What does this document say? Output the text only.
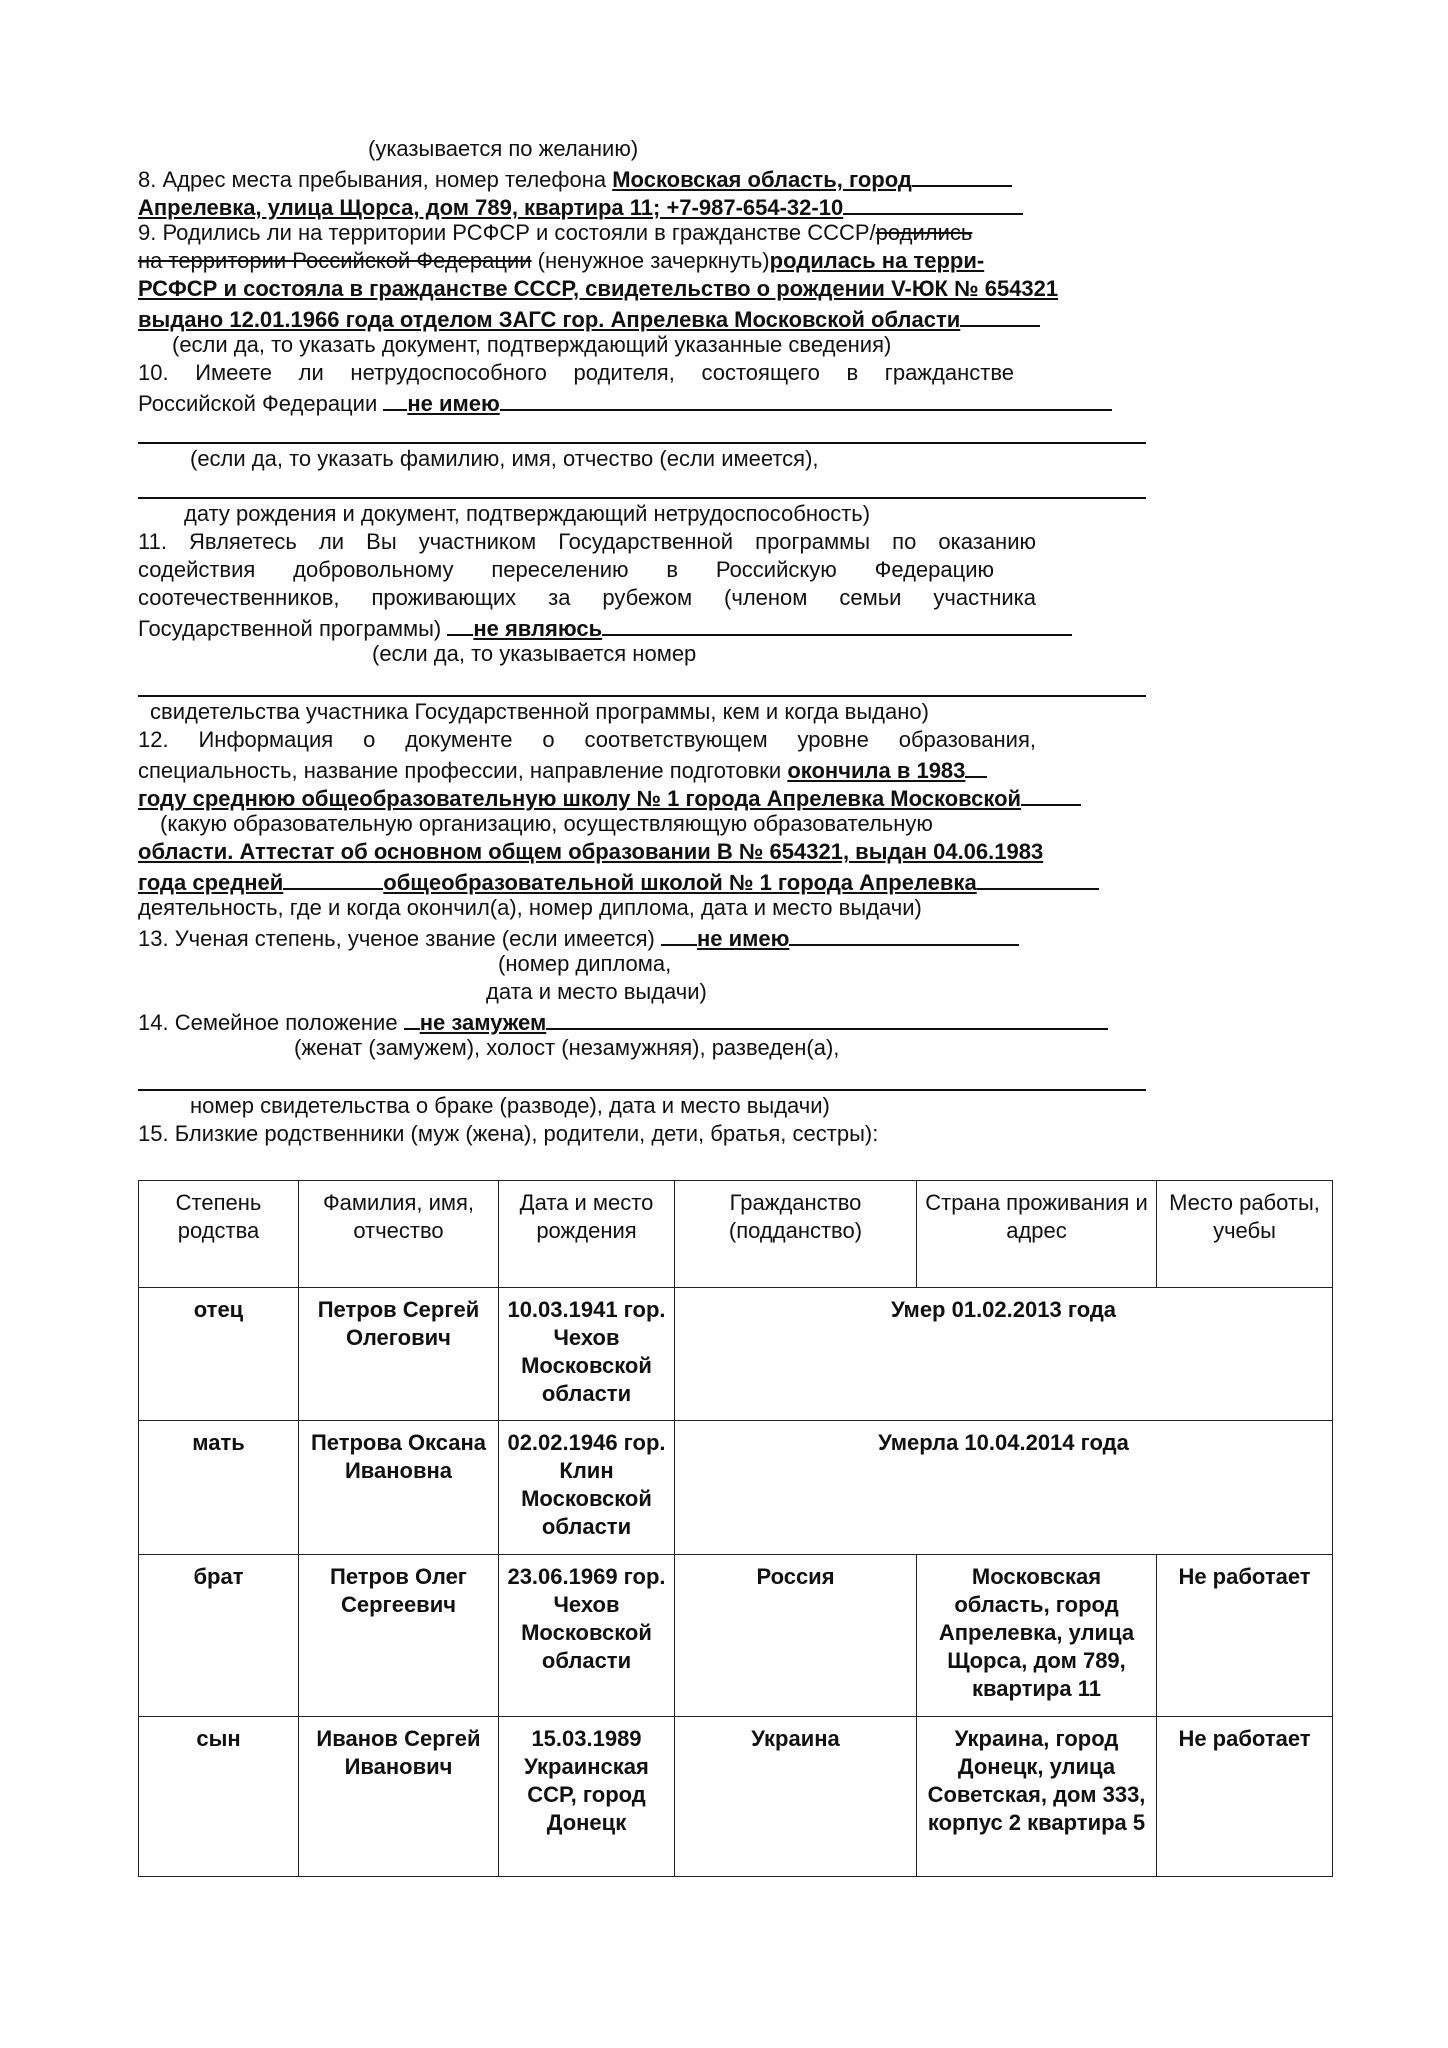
(указывается по желанию)
8. Адрес места пребывания, номер телефона Московская область, город
Апрелевка, улица Щорса, дом 789, квартира 11; +7-987-654-32-10
9. Родились ли на территории РСФСР и состояли в гражданстве СССР/родились
на территории Российской Федерации (ненужное зачеркнуть)родилась на терри-
РСФСР и состояла в гражданстве СССР, свидетельство о рождении V-ЮК № 654321
выдано 12.01.1966 года отделом ЗАГС гор. Апрелевка Московской области
(если да, то указать документ, подтверждающий указанные сведения)
10. Имеете ли нетрудоспособного родителя, состоящего в гражданстве
Российской Федерации не имею
(если да, то указать фамилию, имя, отчество (если имеется),
дату рождения и документ, подтверждающий нетрудоспособность)
11. Являетесь ли Вы участником Государственной программы по оказанию
содействия добровольному переселению в Российскую Федерацию
соотечественников, проживающих за рубежом (членом семьи участника
Государственной программы) не являюсь
(если да, то указывается номер
свидетельства участника Государственной программы, кем и когда выдано)
12. Информация о документе о соответствующем уровне образования,
специальность, название профессии, направление подготовки окончила в 1983
году среднюю общеобразовательную школу № 1 города Апрелевка Московской
(какую образовательную организацию, осуществляющую образовательную
области. Аттестат об основном общем образовании В № 654321, выдан 04.06.1983
года средней	общеобразовательной школой № 1 города Апрелевка
деятельность, где и когда окончил(а), номер диплома, дата и место выдачи)
13. Ученая степень, ученое звание (если имеется) не имею
(номер диплома,
дата и место выдачи)
14. Семейное положение не замужем
(женат (замужем), холост (незамужняя), разведен(а),
номер свидетельства о браке (разводе), дата и место выдачи)
15. Близкие родственники (муж (жена), родители, дети, братья, сестры):
Степень родства	Фамилия, имя, отчество	Дата и место рождения	Гражданство (подданство)	Страна проживания и адрес	Место работы, учебы
отец	Петров Сергей Олегович	10.03.1941 гор. Чехов Московской области	Умер 01.02.2013 года		
мать	Петрова Оксана Ивановна	02.02.1946 гор. Клин Московской области	Умерла 10.04.2014 года		
брат	Петров Олег Сергеевич	23.06.1969 гор. Чехов Московской области	Россия	Московская область, город Апрелевка, улица Щорса, дом 789, квартира 11	Не работает
сын	Иванов Сергей Иванович	15.03.1989 Украинская ССР, город Донецк	Украина	Украина, город Донецк, улица Советская, дом 333, корпус 2 квартира 5	Не работает
